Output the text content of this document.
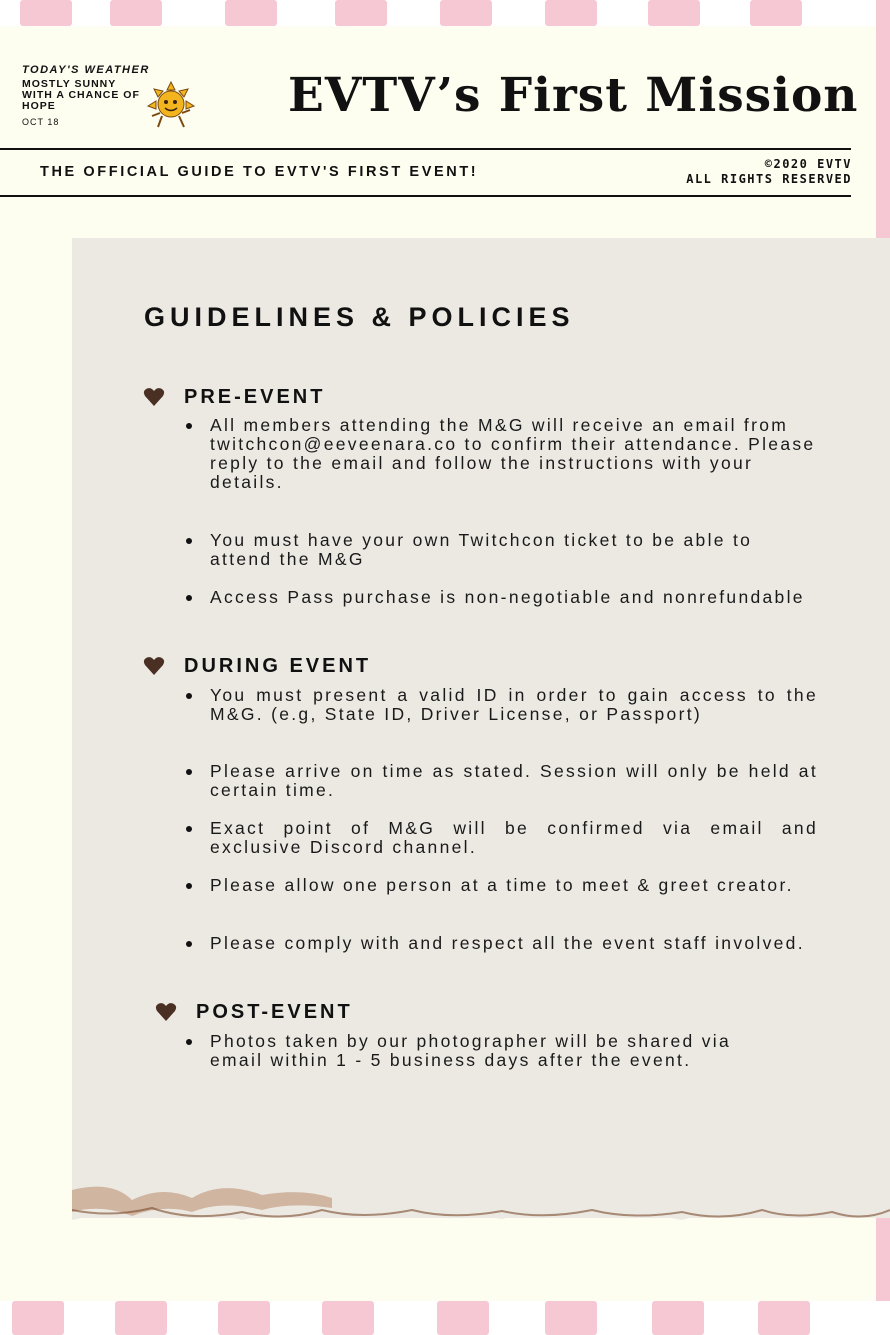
TODAY'S WEATHER
MOSTLY SUNNY WITH A CHANCE OF HOPE
OCT 18	EVTV’s First Mission
THE OFFICIAL GUIDE TO EVTV'S FIRST EVENT!	©2020 EVTV
ALL RIGHTS RESERVED
GUIDELINES & POLICIES
PRE-EVENT
All members attending the M&G will receive an email from twitchcon@eeveenara.co to confirm their attendance. Please reply to the email and follow the instructions with your details.
You must have your own Twitchcon ticket to be able to attend the M&G
Access Pass purchase is non-negotiable and nonrefundable
DURING EVENT
You must present a valid ID in order to gain access to the M&G. (e.g, State ID, Driver License, or Passport)
Please arrive on time as stated. Session will only be held at certain time.
Exact point of M&G will be confirmed via email and exclusive Discord channel.
Please allow one person at a time to meet & greet creator.
Please comply with and respect all the event staff involved.
POST-EVENT
Photos taken by our photographer will be shared via email within 1 - 5 business days after the event.
